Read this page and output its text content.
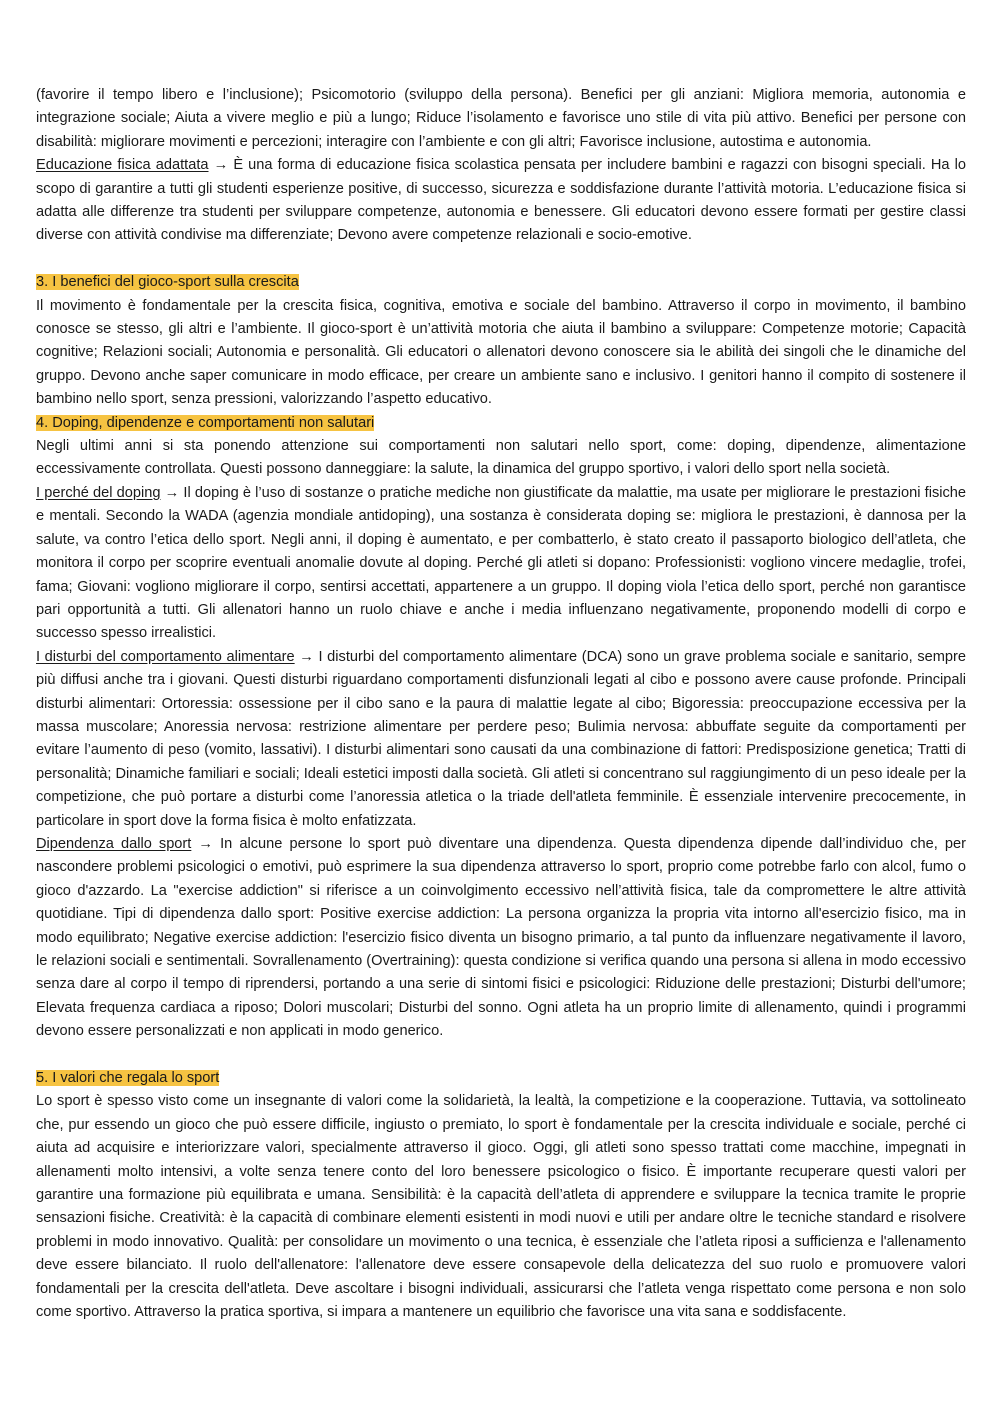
(favorire il tempo libero e l’inclusione); Psicomotorio (sviluppo della persona). Benefici per gli anziani: Migliora memoria, autonomia e integrazione sociale; Aiuta a vivere meglio e più a lungo; Riduce l’isolamento e favorisce uno stile di vita più attivo. Benefici per persone con disabilità: migliorare movimenti e percezioni; interagire con l’ambiente e con gli altri; Favorisce inclusione, autostima e autonomia.
Educazione fisica adattata → È una forma di educazione fisica scolastica pensata per includere bambini e ragazzi con bisogni speciali. Ha lo scopo di garantire a tutti gli studenti esperienze positive, di successo, sicurezza e soddisfazione durante l’attività motoria. L’educazione fisica si adatta alle differenze tra studenti per sviluppare competenze, autonomia e benessere. Gli educatori devono essere formati per gestire classi diverse con attività condivise ma differenziate; Devono avere competenze relazionali e socio-emotive.

3. I benefici del gioco-sport sulla crescita

Il movimento è fondamentale per la crescita fisica, cognitiva, emotiva e sociale del bambino. Attraverso il corpo in movimento, il bambino conosce se stesso, gli altri e l’ambiente. Il gioco-sport è un’attività motoria che aiuta il bambino a sviluppare: Competenze motorie; Capacità cognitive; Relazioni sociali; Autonomia e personalità. Gli educatori o allenatori devono conoscere sia le abilità dei singoli che le dinamiche del gruppo. Devono anche saper comunicare in modo efficace, per creare un ambiente sano e inclusivo. I genitori hanno il compito di sostenere il bambino nello sport, senza pressioni, valorizzando l’aspetto educativo.

4. Doping, dipendenze e comportamenti non salutari

Negli ultimi anni si sta ponendo attenzione sui comportamenti non salutari nello sport, come: doping, dipendenze, alimentazione eccessivamente controllata. Questi possono danneggiare: la salute, la dinamica del gruppo sportivo, i valori dello sport nella società.
I perché del doping → Il doping è l’uso di sostanze o pratiche mediche non giustificate da malattie, ma usate per migliorare le prestazioni fisiche e mentali. Secondo la WADA (agenzia mondiale antidoping), una sostanza è considerata doping se: migliora le prestazioni, è dannosa per la salute, va contro l’etica dello sport. Negli anni, il doping è aumentato, e per combatterlo, è stato creato il passaporto biologico dell’atleta, che monitora il corpo per scoprire eventuali anomalie dovute al doping. Perché gli atleti si dopano: Professionisti: vogliono vincere medaglie, trofei, fama; Giovani: vogliono migliorare il corpo, sentirsi accettati, appartenere a un gruppo. Il doping viola l’etica dello sport, perché non garantisce pari opportunità a tutti. Gli allenatori hanno un ruolo chiave e anche i media influenzano negativamente, proponendo modelli di corpo e successo spesso irrealistici.
I disturbi del comportamento alimentare → I disturbi del comportamento alimentare (DCA) sono un grave problema sociale e sanitario, sempre più diffusi anche tra i giovani. Questi disturbi riguardano comportamenti disfunzionali legati al cibo e possono avere cause profonde. Principali disturbi alimentari: Ortoressia: ossessione per il cibo sano e la paura di malattie legate al cibo; Bigoressia: preoccupazione eccessiva per la massa muscolare; Anoressia nervosa: restrizione alimentare per perdere peso; Bulimia nervosa: abbuffate seguite da comportamenti per evitare l’aumento di peso (vomito, lassativi). I disturbi alimentari sono causati da una combinazione di fattori: Predisposizione genetica; Tratti di personalità; Dinamiche familiari e sociali; Ideali estetici imposti dalla società. Gli atleti si concentrano sul raggiungimento di un peso ideale per la competizione, che può portare a disturbi come l’anoressia atletica o la triade dell'atleta femminile. È essenziale intervenire precocemente, in particolare in sport dove la forma fisica è molto enfatizzata.
Dipendenza dallo sport → In alcune persone lo sport può diventare una dipendenza. Questa dipendenza dipende dall’individuo che, per nascondere problemi psicologici o emotivi, può esprimere la sua dipendenza attraverso lo sport, proprio come potrebbe farlo con alcol, fumo o gioco d'azzardo. La "exercise addiction" si riferisce a un coinvolgimento eccessivo nell’attività fisica, tale da compromettere le altre attività quotidiane. Tipi di dipendenza dallo sport: Positive exercise addiction: La persona organizza la propria vita intorno all'esercizio fisico, ma in modo equilibrato; Negative exercise addiction: l'esercizio fisico diventa un bisogno primario, a tal punto da influenzare negativamente il lavoro, le relazioni sociali e sentimentali. Sovrallenamento (Overtraining): questa condizione si verifica quando una persona si allena in modo eccessivo senza dare al corpo il tempo di riprendersi, portando a una serie di sintomi fisici e psicologici: Riduzione delle prestazioni; Disturbi dell'umore; Elevata frequenza cardiaca a riposo; Dolori muscolari; Disturbi del sonno. Ogni atleta ha un proprio limite di allenamento, quindi i programmi devono essere personalizzati e non applicati in modo generico.

5. I valori che regala lo sport

Lo sport è spesso visto come un insegnante di valori come la solidarietà, la lealtà, la competizione e la cooperazione. Tuttavia, va sottolineato che, pur essendo un gioco che può essere difficile, ingiusto o premiato, lo sport è fondamentale per la crescita individuale e sociale, perché ci aiuta ad acquisire e interiorizzare valori, specialmente attraverso il gioco. Oggi, gli atleti sono spesso trattati come macchine, impegnati in allenamenti molto intensivi, a volte senza tenere conto del loro benessere psicologico o fisico. È importante recuperare questi valori per garantire una formazione più equilibrata e umana. Sensibilità: è la capacità dell’atleta di apprendere e sviluppare la tecnica tramite le proprie sensazioni fisiche. Creatività: è la capacità di combinare elementi esistenti in modi nuovi e utili per andare oltre le tecniche standard e risolvere problemi in modo innovativo. Qualità: per consolidare un movimento o una tecnica, è essenziale che l’atleta riposi a sufficienza e l'allenamento deve essere bilanciato. Il ruolo dell'allenatore: l'allenatore deve essere consapevole della delicatezza del suo ruolo e promuovere valori fondamentali per la crescita dell'atleta. Deve ascoltare i bisogni individuali, assicurarsi che l’atleta venga rispettato come persona e non solo come sportivo. Attraverso la pratica sportiva, si impara a mantenere un equilibrio che favorisce una vita sana e soddisfacente.
